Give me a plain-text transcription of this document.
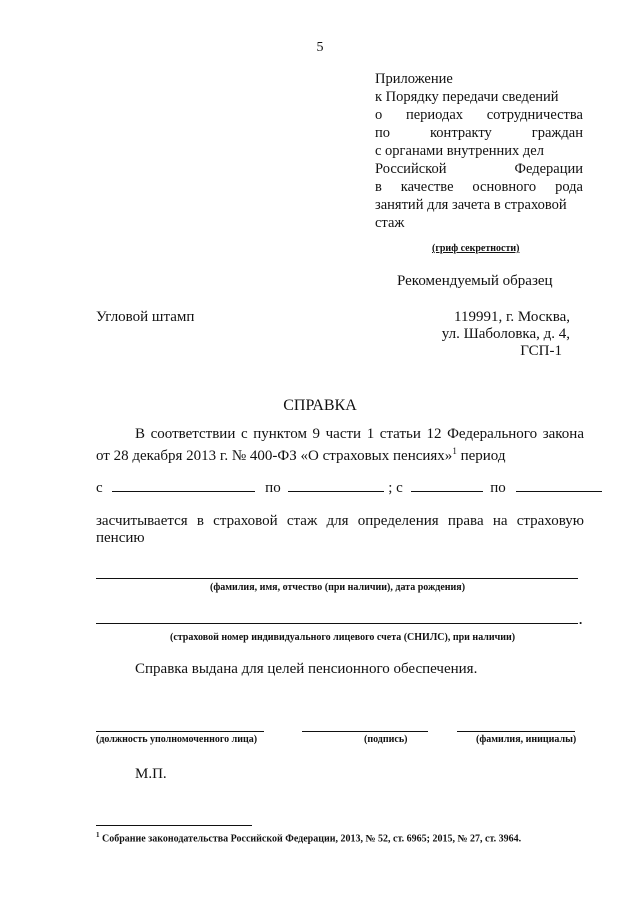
5
Приложение
к Порядку передачи сведений
о периодах сотрудничества
по	контракту	граждан
с органами внутренних дел
Российской	Федерации
в качестве основного рода
занятий для зачета в страховой
стаж
(гриф секретности)
Рекомендуемый образец
Угловой штамп	119991, г. Москва,
ул. Шаболовка, д. 4,
ГСП-1
СПРАВКА
В соответствии с пунктом 9 части 1 статьи 12 Федерального закона
от 28 декабря 2013 г. № 400-ФЗ «О страховых пенсиях»$^1$ период
с	по	; с	по
засчитывается в страховой стаж для определения права на страховую
пенсию
(фамилия, имя, отчество (при наличии), дата рождения)
.
(страховой номер индивидуального лицевого счета (СНИЛС), при наличии)
Справка выдана для целей пенсионного обеспечения.
(должность уполномоченного лица)	(подпись)	(фамилия, инициалы)
М.П.
$^1$ Собрание законодательства Российской Федерации, 2013, № 52, ст. 6965; 2015, № 27, ст. 3964.
